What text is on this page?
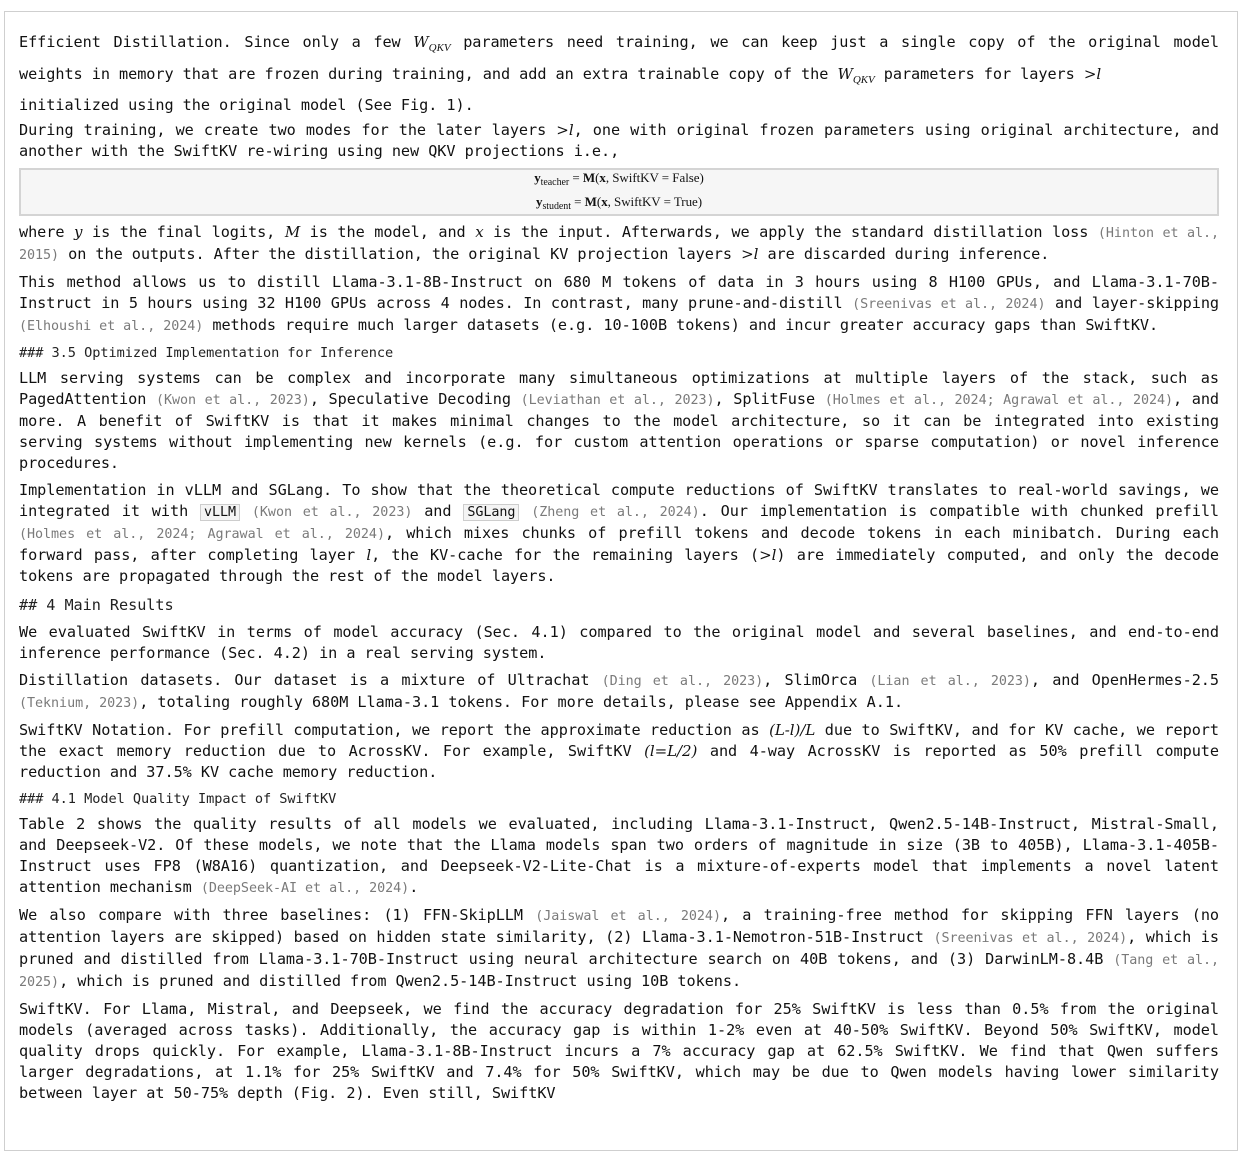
Efficient Distillation. Since only a few $W_{QKV}$ parameters need training, we can keep just a single copy of the original model weights in memory that are frozen during training, and add an extra trainable copy of the $W_{QKV}$ parameters for layers >l
initialized using the original model (See Fig. 1).

During training, we create two modes for the later layers >l, one with original frozen parameters using original architecture, and another with the SwiftKV re-wiring using new QKV projections i.e.,

$y_{teacher} = M(x$, SwiftKV = False)
$y_{student} = M(x$, SwiftKV = True)

where y is the final logits, M is the model, and x is the input. Afterwards, we apply the standard distillation loss (Hinton et al., 2015) on the outputs. After the distillation, the original KV projection layers >l are discarded during inference.

This method allows us to distill Llama-3.1-8B-Instruct on 680 M tokens of data in 3 hours using 8 H100 GPUs, and Llama-3.1-70B-Instruct in 5 hours using 32 H100 GPUs across 4 nodes. In contrast, many prune-and-distill (Sreenivas et al., 2024) and layer-skipping (Elhoushi et al., 2024) methods require much larger datasets (e.g. 10-100B tokens) and incur greater accuracy gaps than SwiftKV.

### 3.5 Optimized Implementation for Inference

LLM serving systems can be complex and incorporate many simultaneous optimizations at multiple layers of the stack, such as PagedAttention (Kwon et al., 2023), Speculative Decoding (Leviathan et al., 2023), SplitFuse (Holmes et al., 2024; Agrawal et al., 2024), and more. A benefit of SwiftKV is that it makes minimal changes to the model architecture, so it can be integrated into existing serving systems without implementing new kernels (e.g. for custom attention operations or sparse computation) or novel inference procedures.

Implementation in vLLM and SGLang. To show that the theoretical compute reductions of SwiftKV translates to real-world savings, we integrated it with vLLM (Kwon et al., 2023) and SGLang (Zheng et al., 2024). Our implementation is compatible with chunked prefill (Holmes et al., 2024; Agrawal et al., 2024), which mixes chunks of prefill tokens and decode tokens in each minibatch. During each forward pass, after completing layer l, the KV-cache for the remaining layers (>l) are immediately computed, and only the decode tokens are propagated through the rest of the model layers.

## 4 Main Results

We evaluated SwiftKV in terms of model accuracy (Sec. 4.1) compared to the original model and several baselines, and end-to-end inference performance (Sec. 4.2) in a real serving system.

Distillation datasets. Our dataset is a mixture of Ultrachat (Ding et al., 2023), SlimOrca (Lian et al., 2023), and OpenHermes-2.5 (Teknium, 2023), totaling roughly 680M Llama-3.1 tokens. For more details, please see Appendix A.1.

SwiftKV Notation. For prefill computation, we report the approximate reduction as (L-l)/L due to SwiftKV, and for KV cache, we report the exact memory reduction due to AcrossKV. For example, SwiftKV (l=L/2) and 4-way AcrossKV is reported as 50% prefill compute reduction and 37.5% KV cache memory reduction.

### 4.1 Model Quality Impact of SwiftKV

Table 2 shows the quality results of all models we evaluated, including Llama-3.1-Instruct, Qwen2.5-14B-Instruct, Mistral-Small, and Deepseek-V2. Of these models, we note that the Llama models span two orders of magnitude in size (3B to 405B), Llama-3.1-405B-Instruct uses FP8 (W8A16) quantization, and Deepseek-V2-Lite-Chat is a mixture-of-experts model that implements a novel latent attention mechanism (DeepSeek-AI et al., 2024).

We also compare with three baselines: (1) FFN-SkipLLM (Jaiswal et al., 2024), a training-free method for skipping FFN layers (no attention layers are skipped) based on hidden state similarity, (2) Llama-3.1-Nemotron-51B-Instruct (Sreenivas et al., 2024), which is pruned and distilled from Llama-3.1-70B-Instruct using neural architecture search on 40B tokens, and (3) DarwinLM-8.4B (Tang et al., 2025), which is pruned and distilled from Qwen2.5-14B-Instruct using 10B tokens.

SwiftKV. For Llama, Mistral, and Deepseek, we find the accuracy degradation for 25% SwiftKV is less than 0.5% from the original models (averaged across tasks). Additionally, the accuracy gap is within 1-2% even at 40-50% SwiftKV. Beyond 50% SwiftKV, model quality drops quickly. For example, Llama-3.1-8B-Instruct incurs a 7% accuracy gap at 62.5% SwiftKV. We find that Qwen suffers larger degradations, at 1.1% for 25% SwiftKV and 7.4% for 50% SwiftKV, which may be due to Qwen models having lower similarity between layer at 50-75% depth (Fig. 2). Even still, SwiftKV
